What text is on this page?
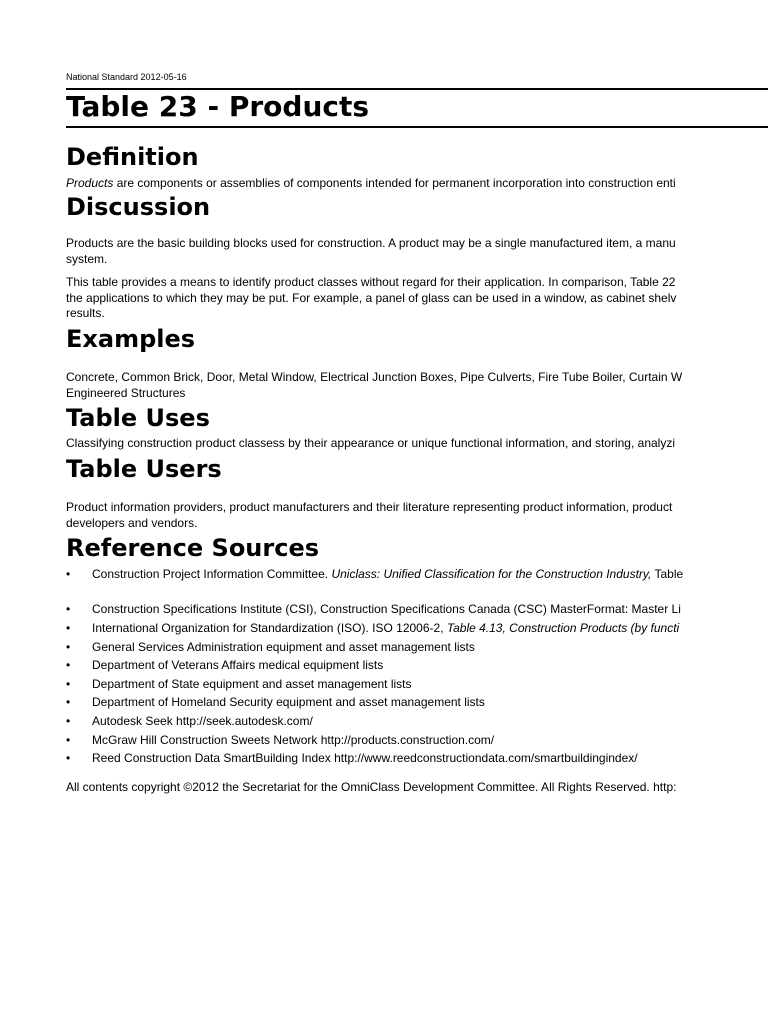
National Standard 2012-05-16
Table 23 - Products
Definition
Products are components or assemblies of components intended for permanent incorporation into construction enti
Discussion
Products are the basic building blocks used for construction. A product may be a single manufactured item, a manu
system.
This table provides a means to identify product classes without regard for their application. In comparison, Table 22
the applications to which they may be put. For example, a panel of glass can be used in a window, as cabinet shelv
results.
Examples
Concrete, Common Brick, Door, Metal Window, Electrical Junction Boxes, Pipe Culverts, Fire Tube Boiler, Curtain W
Engineered Structures
Table Uses
Classifying construction product classess by their appearance or unique functional information, and storing, analyzi
Table Users
Product information providers, product manufacturers and their literature representing product information, product
developers and vendors.
Reference Sources
• Construction Project Information Committee. Uniclass: Unified Classification for the Construction Industry, Table
• Construction Specifications Institute (CSI), Construction Specifications Canada (CSC) MasterFormat: Master Li
• International Organization for Standardization (ISO). ISO 12006-2, Table 4.13, Construction Products (by functi
• General Services Administration equipment and asset management lists
• Department of Veterans Affairs medical equipment lists
• Department of State equipment and asset management lists
• Department of Homeland Security equipment and asset management lists
• Autodesk Seek http://seek.autodesk.com/
• McGraw Hill Construction Sweets Network http://products.construction.com/
• Reed Construction Data SmartBuilding Index http://www.reedconstructiondata.com/smartbuildingindex/
All contents copyright ©2012 the Secretariat for the OmniClass Development Committee. All Rights Reserved. http:
